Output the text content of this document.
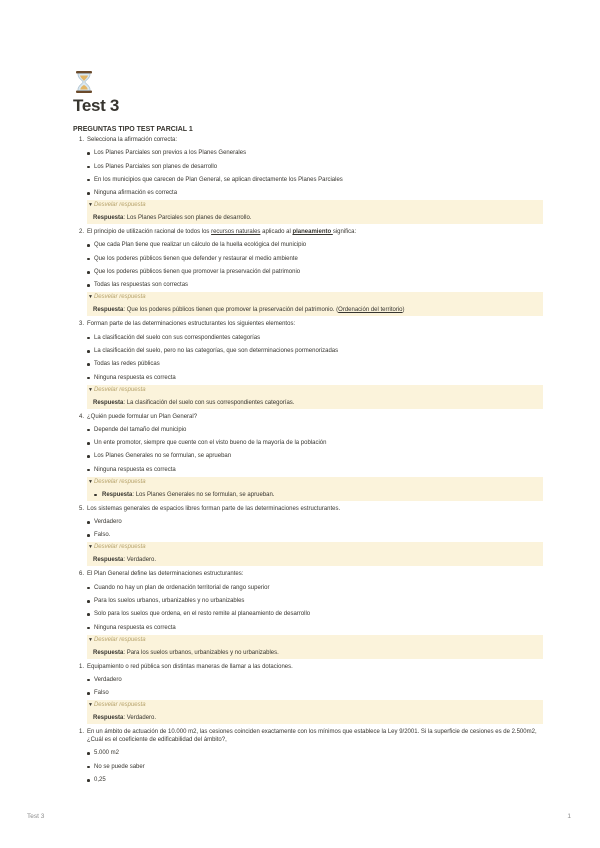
Test 3
PREGUNTAS TIPO TEST PARCIAL 1
1. Selecciona la afirmación correcta:
Los Planes Parciales son previos a los Planes Generales
Los Planes Parciales son planes de desarrollo
En los municipios que carecen de Plan General, se aplican directamente los Planes Parciales
Ninguna afirmación es correcta
▼Desvelar respuesta
Respuesta: Los Planes Parciales son planes de desarrollo.
2. El principio de utilización racional de todos los recursos naturales aplicado al planeamiento significa:
Que cada Plan tiene que realizar un cálculo de la huella ecológica del municipio
Que los poderes públicos tienen que defender y restaurar el medio ambiente
Que los poderes públicos tienen que promover la preservación del patrimonio
Todas las respuestas son correctas
▼Desvelar respuesta
Respuesta: Que los poderes públicos tienen que promover la preservación del patrimonio. (Ordenación del territorio)
3. Forman parte de las determinaciones estructurantes los siguientes elementos:
La clasificación del suelo con sus correspondientes categorías
La clasificación del suelo, pero no las categorías, que son determinaciones pormenorizadas
Todas las redes públicas
Ninguna respuesta es correcta
▼Desvelar respuesta
Respuesta: La clasificación del suelo con sus correspondientes categorías.
4. ¿Quién puede formular un Plan General?
Depende del tamaño del municipio
Un ente promotor, siempre que cuente con el visto bueno de la mayoría de la población
Los Planes Generales no se formulan, se aprueban
Ninguna respuesta es correcta
▼Desvelar respuesta
Respuesta: Los Planes Generales no se formulan, se aprueban.
5. Los sistemas generales de espacios libres forman parte de las determinaciones estructurantes.
Verdadero
Falso.
▼Desvelar respuesta
Respuesta: Verdadero.
6. El Plan General define las determinaciones estructurantes:
Cuando no hay un plan de ordenación territorial de rango superior
Para los suelos urbanos, urbanizables y no urbanizables
Solo para los suelos que ordena, en el resto remite al planeamiento de desarrollo
Ninguna respuesta es correcta
▼Desvelar respuesta
Respuesta: Para los suelos urbanos, urbanizables y no urbanizables.
1. Equipamiento o red pública son distintas maneras de llamar a las dotaciones.
Verdadero
Falso
▼Desvelar respuesta
Respuesta: Verdadero.
1. En un ámbito de actuación de 10.000 m2, las cesiones coinciden exactamente con los mínimos que establece la Ley 9/2001. Si la superficie de cesiones es de 2.500m2, ¿Cuál es el coeficiente de edificabilidad del ámbito?,
5.000 m2
No se puede saber
0,25
Test 3	1
